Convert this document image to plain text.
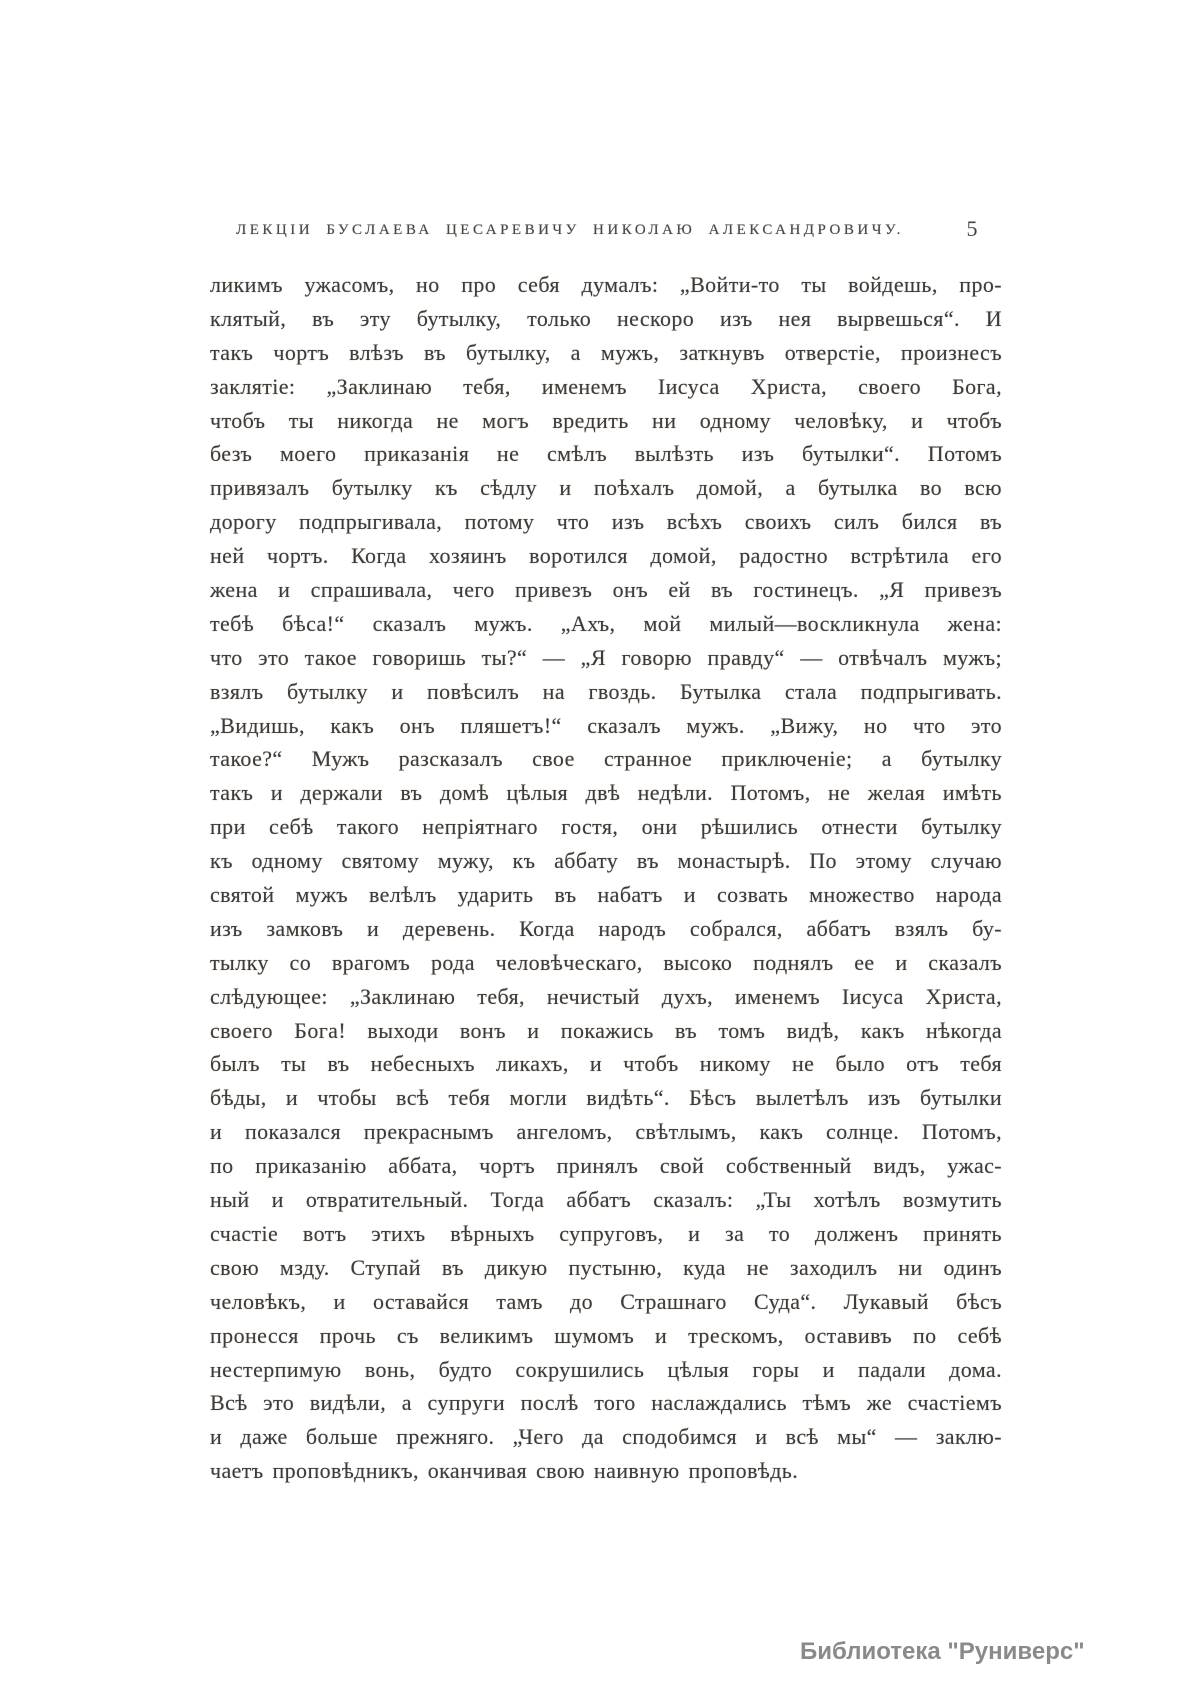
ЛЕКЦІИ БУСЛАЕВА ЦЕСАРЕВИЧУ НИКОЛАЮ АЛЕКСАНДРОВИЧУ.	5
ликимъ ужасомъ, но про себя думалъ: „Войти-то ты войдешь, про-
клятый, въ эту бутылку, только нескоро изъ нея вырвешься“. И
такъ чортъ влѣзъ въ бутылку, а мужъ, заткнувъ отверстіе, произнесъ
заклятіе: „Заклинаю тебя, именемъ Іисуса Христа, своего Бога,
чтобъ ты никогда не могъ вредить ни одному человѣку, и чтобъ
безъ моего приказанія не смѣлъ вылѣзть изъ бутылки“. Потомъ
привязалъ бутылку къ сѣдлу и поѣхалъ домой, а бутылка во всю
дорогу подпрыгивала, потому что изъ всѣхъ своихъ силъ бился въ
ней чортъ. Когда хозяинъ воротился домой, радостно встрѣтила его
жена и спрашивала, чего привезъ онъ ей въ гостинецъ. „Я привезъ
тебѣ бѣса!“ сказалъ мужъ. „Ахъ, мой милый—воскликнула жена:
что это такое говоришь ты?“ — „Я говорю правду“ — отвѣчалъ мужъ;
взялъ бутылку и повѣсилъ на гвоздь. Бутылка стала подпрыгивать.
„Видишь, какъ онъ пляшетъ!“ сказалъ мужъ. „Вижу, но что это
такое?“ Мужъ разсказалъ свое странное приключеніе; а бутылку
такъ и держали въ домѣ цѣлыя двѣ недѣли. Потомъ, не желая имѣть
при себѣ такого непріятнаго гостя, они рѣшились отнести бутылку
къ одному святому мужу, къ аббату въ монастырѣ. По этому случаю
святой мужъ велѣлъ ударить въ набатъ и созвать множество народа
изъ замковъ и деревень. Когда народъ собрался, аббатъ взялъ бу-
тылку со врагомъ рода человѣческаго, высоко поднялъ ее и сказалъ
слѣдующее: „Заклинаю тебя, нечистый духъ, именемъ Іисуса Христа,
своего Бога! выходи вонъ и покажись въ томъ видѣ, какъ нѣкогда
былъ ты въ небесныхъ ликахъ, и чтобъ никому не было отъ тебя
бѣды, и чтобы всѣ тебя могли видѣть“. Бѣсъ вылетѣлъ изъ бутылки
и показался прекраснымъ ангеломъ, свѣтлымъ, какъ солнце. Потомъ,
по приказанію аббата, чортъ принялъ свой собственный видъ, ужас-
ный и отвратительный. Тогда аббатъ сказалъ: „Ты хотѣлъ возмутить
счастіе вотъ этихъ вѣрныхъ супруговъ, и за то долженъ принять
свою мзду. Ступай въ дикую пустыню, куда не заходилъ ни одинъ
человѣкъ, и оставайся тамъ до Страшнаго Суда“. Лукавый бѣсъ
пронесся прочь съ великимъ шумомъ и трескомъ, оставивъ по себѣ
нестерпимую вонь, будто сокрушились цѣлыя горы и падали дома.
Всѣ это видѣли, а супруги послѣ того наслаждались тѣмъ же счастіемъ
и даже больше прежняго. „Чего да сподобимся и всѣ мы“ — заклю-
чаетъ проповѣдникъ, оканчивая свою наивную проповѣдь.
Библиотека "Руниверс"
